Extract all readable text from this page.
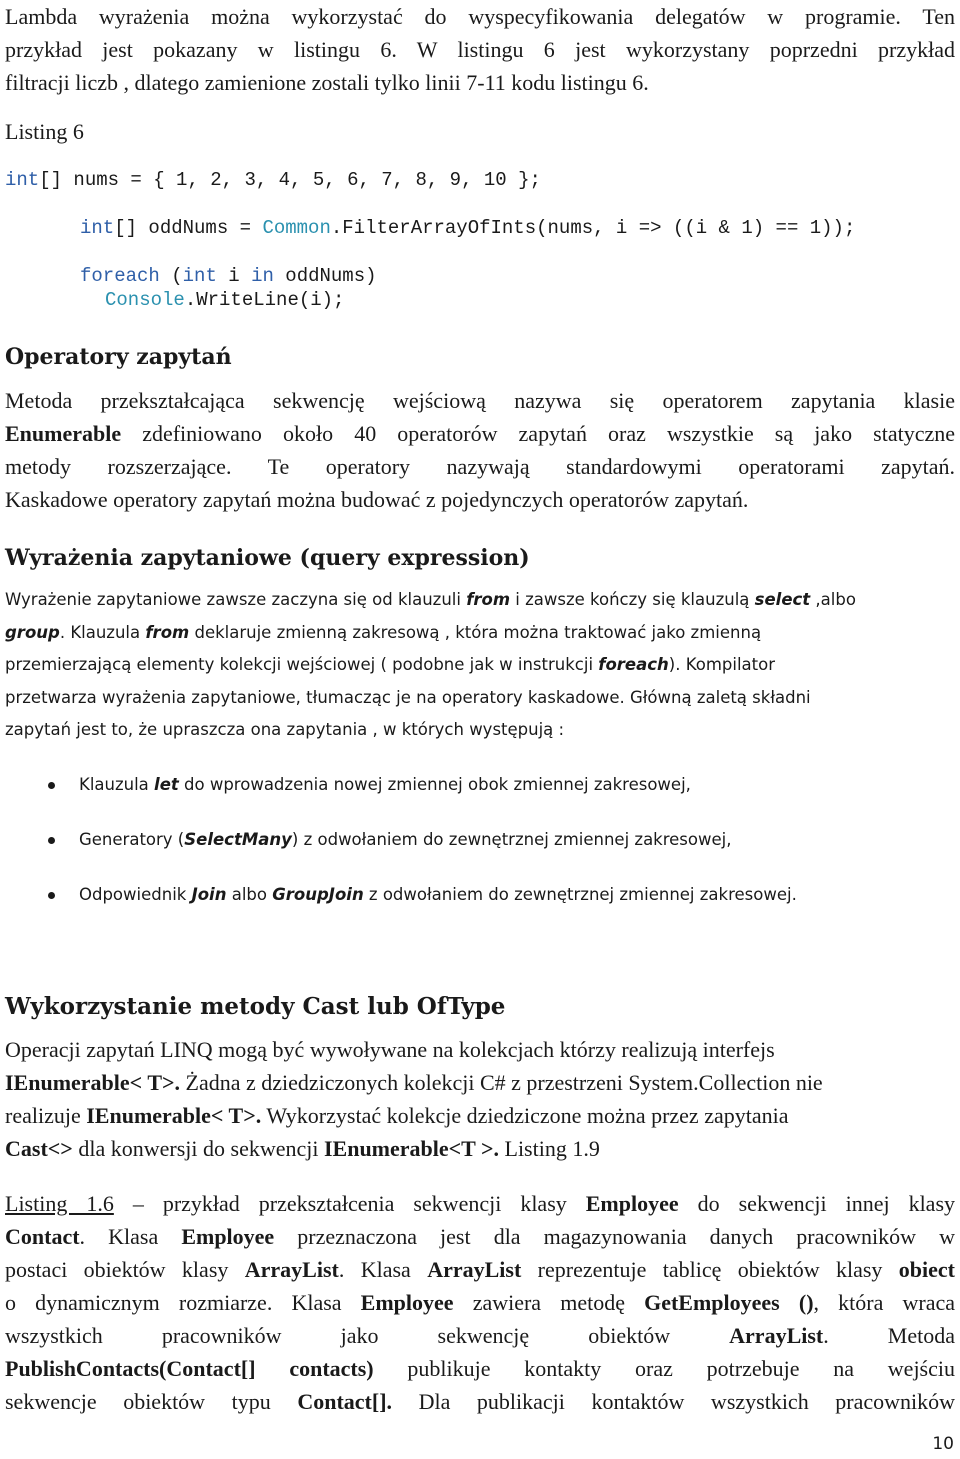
Lambda wyrażenia można wykorzystać do wyspecyfikowania delegatów w programie. Ten

przykład jest pokazany w listingu 6. W listingu 6 jest wykorzystany poprzedni przykład

filtracji liczb , dlatego zamienione zostali tylko linii 7-11 kodu listingu 6.

Listing 6
int[] nums = { 1, 2, 3, 4, 5, 6, 7, 8, 9, 10 };
int[] oddNums = Common.FilterArrayOfInts(nums, i => ((i & 1) == 1));
foreach (int i in oddNums)
Console.WriteLine(i);
Operatory zapytań

Metoda przekształcająca sekwencję wejściową nazywa się operatorem zapytania klasie

Enumerable zdefiniowano około 40 operatorów zapytań oraz wszystkie są jako statyczne

metody rozszerzające. Te operatory nazywają standardowymi operatorami zapytań.

Kaskadowe operatory zapytań można budować z pojedynczych operatorów zapytań.

Wyrażenia zapytaniowe (query expression)

Wyrażenie zapytaniowe zawsze zaczyna się od klauzuli from i zawsze kończy się klauzulą select ,albo

group. Klauzula from deklaruje zmienną zakresową , która można traktować jako zmienną

przemierzającą elementy kolekcji wejściowej ( podobne jak w instrukcji foreach). Kompilator

przetwarza wyrażenia zapytaniowe, tłumacząc je na operatory kaskadowe. Główną zaletą składni

zapytań jest to, że upraszcza ona zapytania , w których występują :

Klauzula let do wprowadzenia nowej zmiennej obok zmiennej zakresowej,
Generatory (SelectMany) z odwołaniem do zewnętrznej zmiennej zakresowej,
Odpowiednik Join albo GroupJoin z odwołaniem do zewnętrznej zmiennej zakresowej.
Wykorzystanie metody Cast lub OfType

Operacji zapytań LINQ mogą być wywoływane na kolekcjach którzy realizują interfejs

IEnumerable< T>. Żadna z dziedziczonych kolekcji C# z przestrzeni System.Collection nie

realizuje IEnumerable< T>. Wykorzystać kolekcje dziedziczone można przez zapytania

Cast<> dla konwersji do sekwencji IEnumerable<T >. Listing 1.9

Listing 1.6 – przykład przekształcenia sekwencji klasy Employee do sekwencji innej klasy

Contact. Klasa Employee przeznaczona jest dla magazynowania danych pracowników w

postaci obiektów klasy ArrayList. Klasa ArrayList reprezentuje tablicę obiektów klasy obiect

o dynamicznym rozmiarze. Klasa Employee zawiera metodę GetEmployees (), która wraca

wszystkich pracowników jako sekwencję obiektów ArrayList. Metoda

PublishContacts(Contact[] contacts) publikuje kontakty oraz potrzebuje na wejściu

sekwencje obiektów typu Contact[]. Dla publikacji kontaktów wszystkich pracowników

10
